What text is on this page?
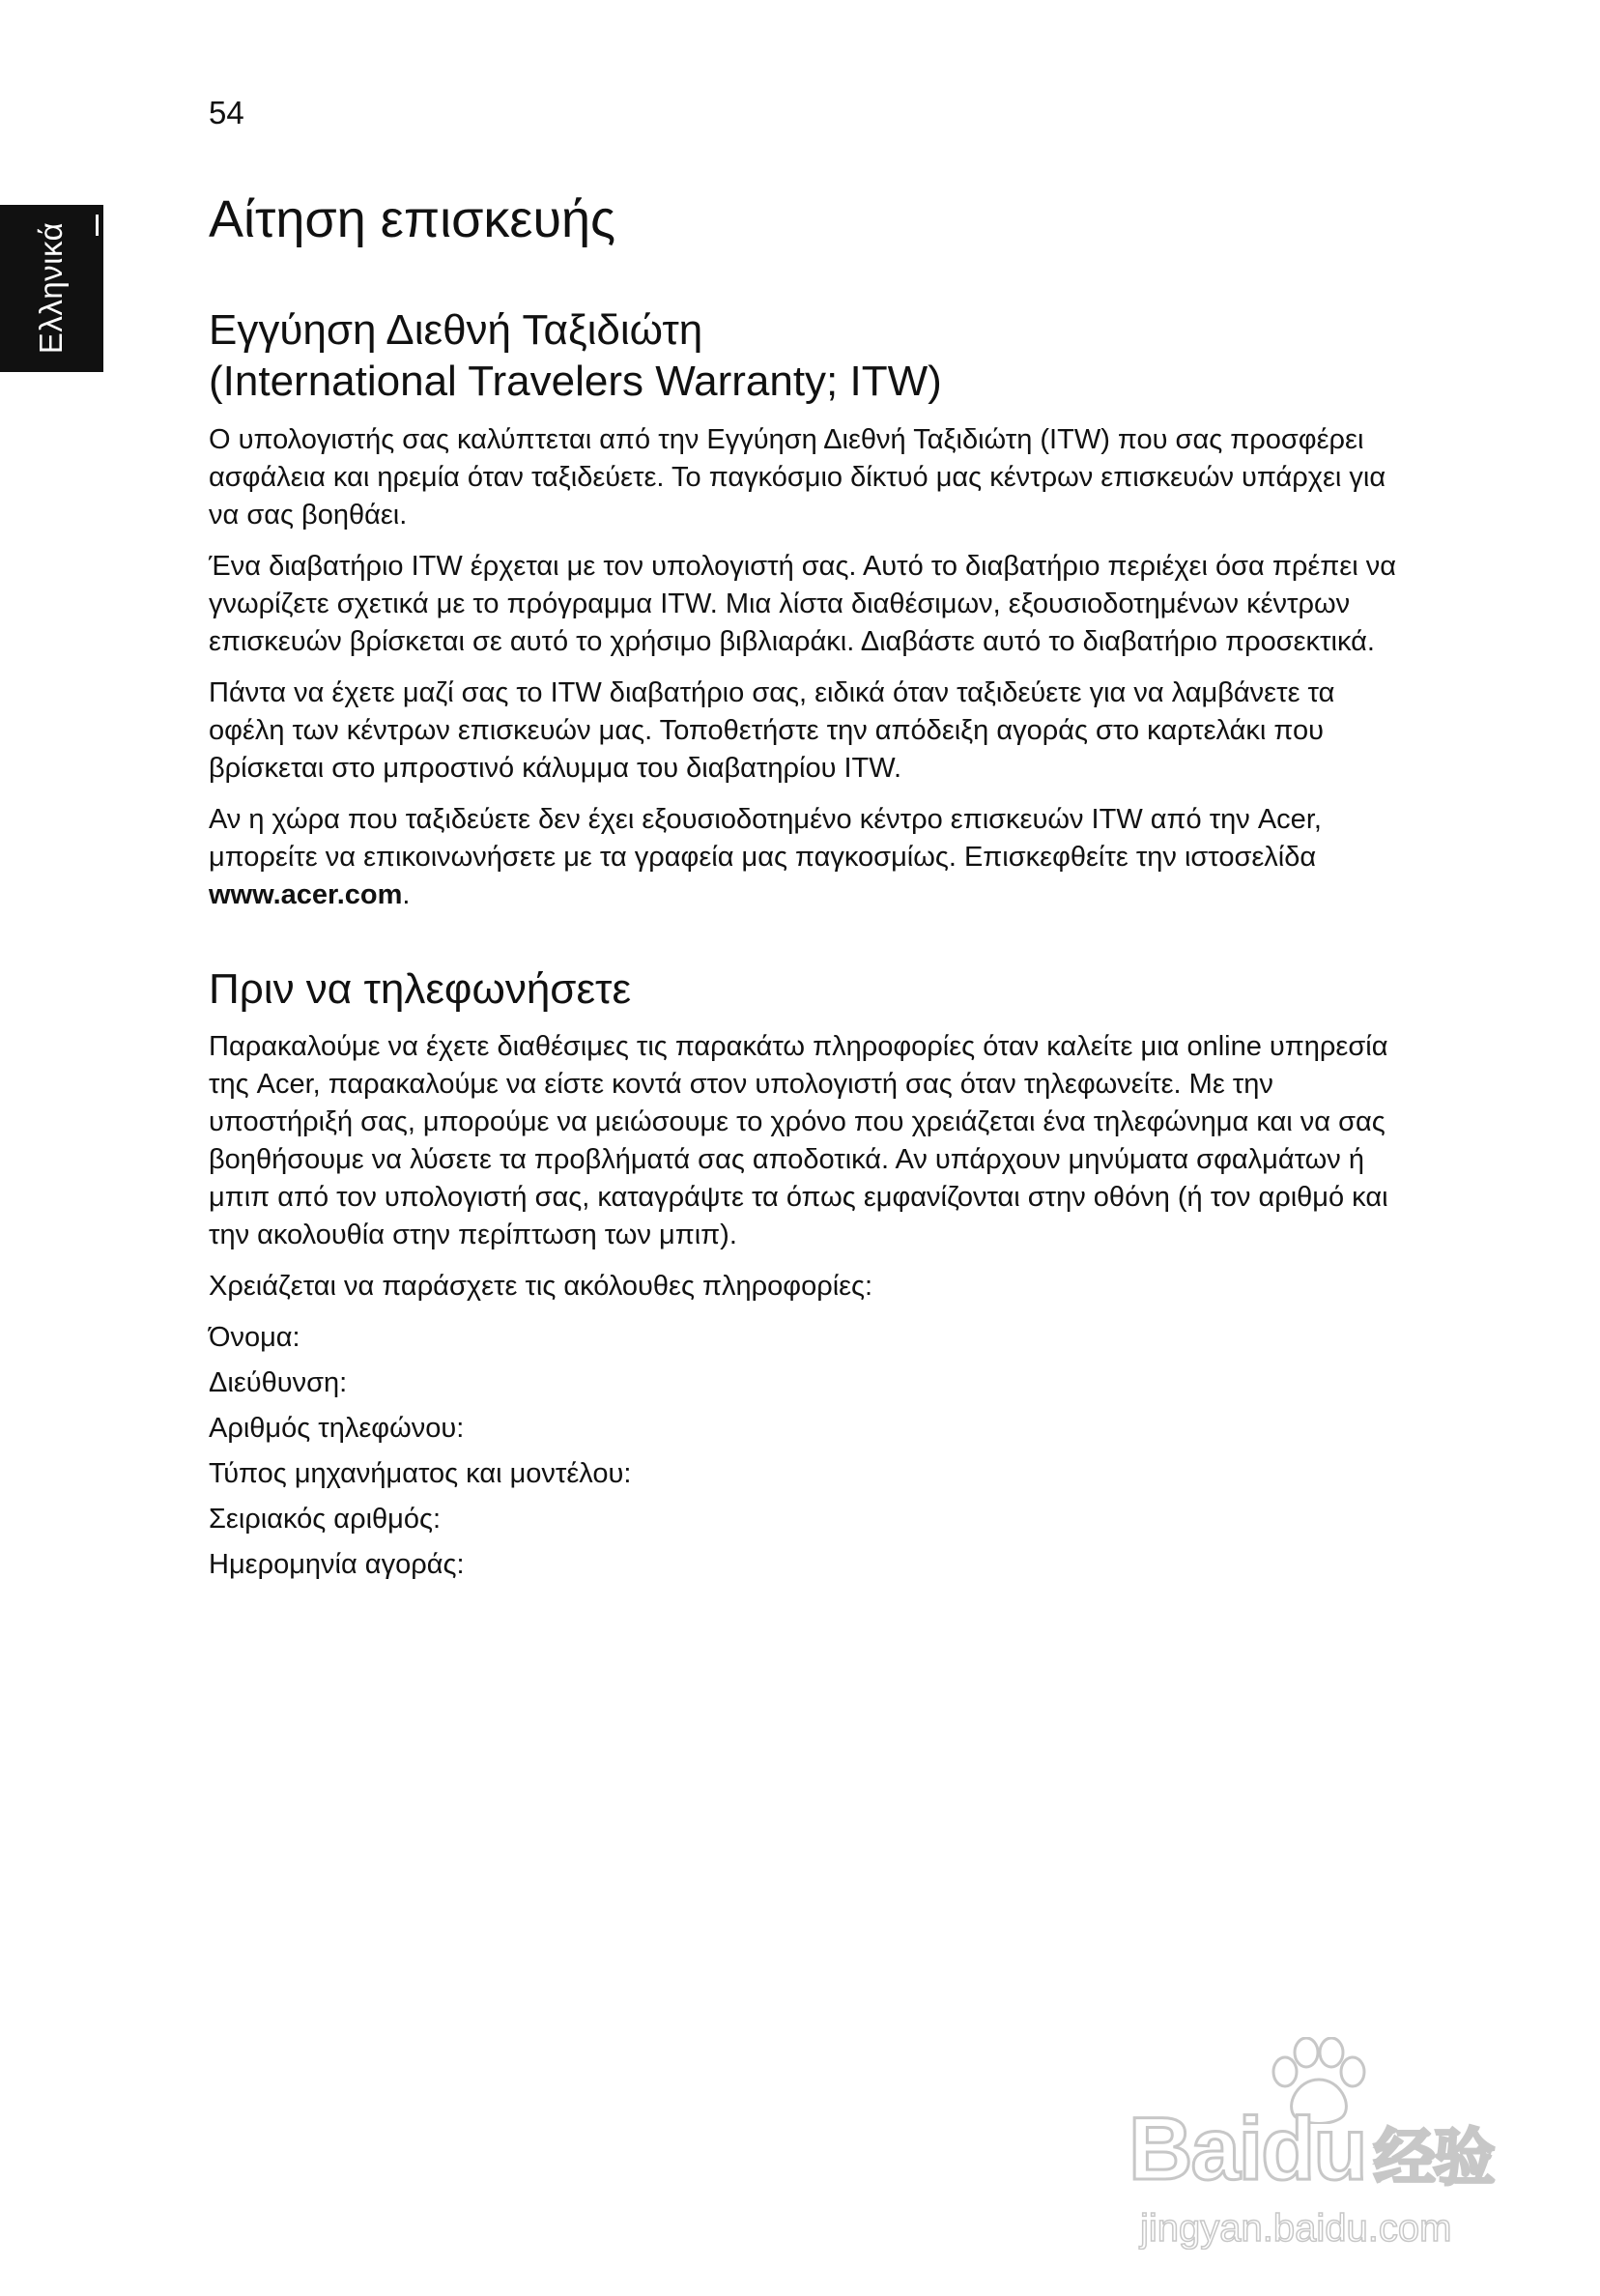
Ελληνικά
54
Αίτηση επισκευής
Εγγύηση Διεθνή Ταξιδιώτη
(International Travelers Warranty; ITW)

Ο υπολογιστής σας καλύπτεται από την Εγγύηση Διεθνή Ταξιδιώτη (ITW) που σας προσφέρει ασφάλεια και ηρεμία όταν ταξιδεύετε. Το παγκόσμιο δίκτυό μας κέντρων επισκευών υπάρχει για να σας βοηθάει.

Ένα διαβατήριο ITW έρχεται με τον υπολογιστή σας. Αυτό το διαβατήριο περιέχει όσα πρέπει να γνωρίζετε σχετικά με το πρόγραμμα ITW. Μια λίστα διαθέσιμων, εξουσιοδοτημένων κέντρων επισκευών βρίσκεται σε αυτό το χρήσιμο βιβλιαράκι. Διαβάστε αυτό το διαβατήριο προσεκτικά.

Πάντα να έχετε μαζί σας το ITW διαβατήριο σας, ειδικά όταν ταξιδεύετε για να λαμβάνετε τα οφέλη των κέντρων επισκευών μας. Τοποθετήστε την απόδειξη αγοράς στο καρτελάκι που βρίσκεται στο μπροστινό κάλυμμα του διαβατηρίου ITW.

Αν η χώρα που ταξιδεύετε δεν έχει εξουσιοδοτημένο κέντρο επισκευών ITW από την Acer, μπορείτε να επικοινωνήσετε με τα γραφεία μας παγκοσμίως. Επισκεφθείτε την ιστοσελίδα www.acer.com.

Πριν να τηλεφωνήσετε

Παρακαλούμε να έχετε διαθέσιμες τις παρακάτω πληροφορίες όταν καλείτε μια online υπηρεσία της Acer, παρακαλούμε να είστε κοντά στον υπολογιστή σας όταν τηλεφωνείτε. Με την υποστήριξή σας, μπορούμε να μειώσουμε το χρόνο που χρειάζεται ένα τηλεφώνημα και να σας βοηθήσουμε να λύσετε τα προβλήματά σας αποδοτικά. Αν υπάρχουν μηνύματα σφαλμάτων ή μπιπ από τον υπολογιστή σας, καταγράψτε τα όπως εμφανίζονται στην οθόνη (ή τον αριθμό και την ακολουθία στην περίπτωση των μπιπ).

Χρειάζεται να παράσχετε τις ακόλουθες πληροφορίες:

Όνομα:
Διεύθυνση:
Αριθμός τηλεφώνου:
Τύπος μηχανήματος και μοντέλου:
Σειριακός αριθμός:
Ημερομηνία αγοράς:
Baidu 经验
jingyan.baidu.com
